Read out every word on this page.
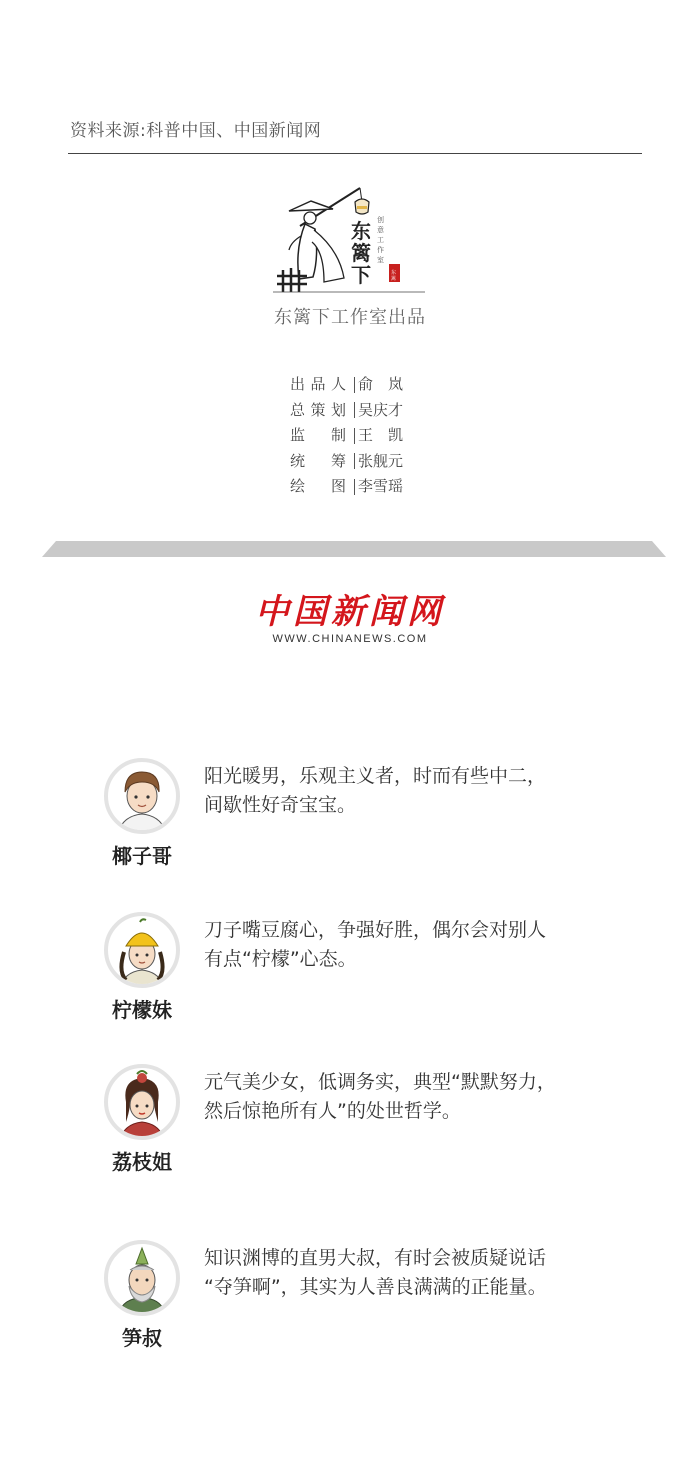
资料来源:科普中国、中国新闻网
东
篱
下
创意工作室
东
篱
东篱下工作室出品
出品人 俞　岚
总策划 吴庆才
监　制 王　凯
统　筹 张舰元
绘　图 李雪瑶
中国新闻网
WWW.CHINANEWS.COM
椰子哥
阳光暖男，乐观主义者，时而有些中二，
间歇性好奇宝宝。
柠檬妹
刀子嘴豆腐心，争强好胜，偶尔会对别人
有点“柠檬”心态。
荔枝姐
元气美少女，低调务实，典型“默默努力，
然后惊艳所有人”的处世哲学。
笋叔
知识渊博的直男大叔，有时会被质疑说话
“夺笋啊”，其实为人善良满满的正能量。
